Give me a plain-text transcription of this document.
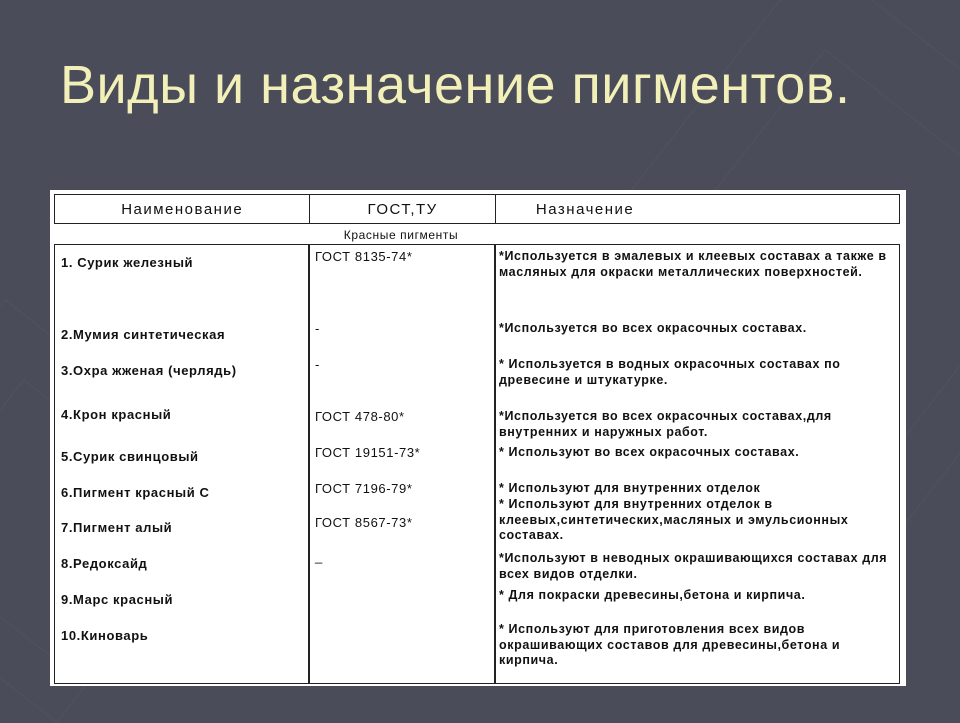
Виды и назначение пигментов.
Наименование	ГОСТ,ТУ	Назначение
Красные пигменты
1. Сурик железный
2.Мумия синтетическая
3.Охра жженая (черлядь)
4.Крон красный
5.Сурик свинцовый
6.Пигмент красный С
7.Пигмент алый
8.Редоксайд
9.Марс красный
10.Киноварь
ГОСТ 8135-74*
-
-
ГОСТ 478-80*
ГОСТ 19151-73*
ГОСТ 7196-79*
ГОСТ 8567-73*
_
*Используется в эмалевых и клеевых составах а также в масляных для окраски металлических поверхностей.
*Используется во всех окрасочных составах.
* Используется в водных окрасочных составах по древесине и штукатурке.
*Используется во всех окрасочных составах,для внутренних и наружных работ.
* Используют во всех окрасочных составах.
* Используют для внутренних отделок
* Используют для внутренних отделок в клеевых,синтетических,масляных и эмульсионных составах.
*Используют в неводных окрашивающихся составах для всех видов отделки.
* Для покраски древесины,бетона и кирпича.
* Используют для приготовления всех видов окрашивающих составов для древесины,бетона и кирпича.
